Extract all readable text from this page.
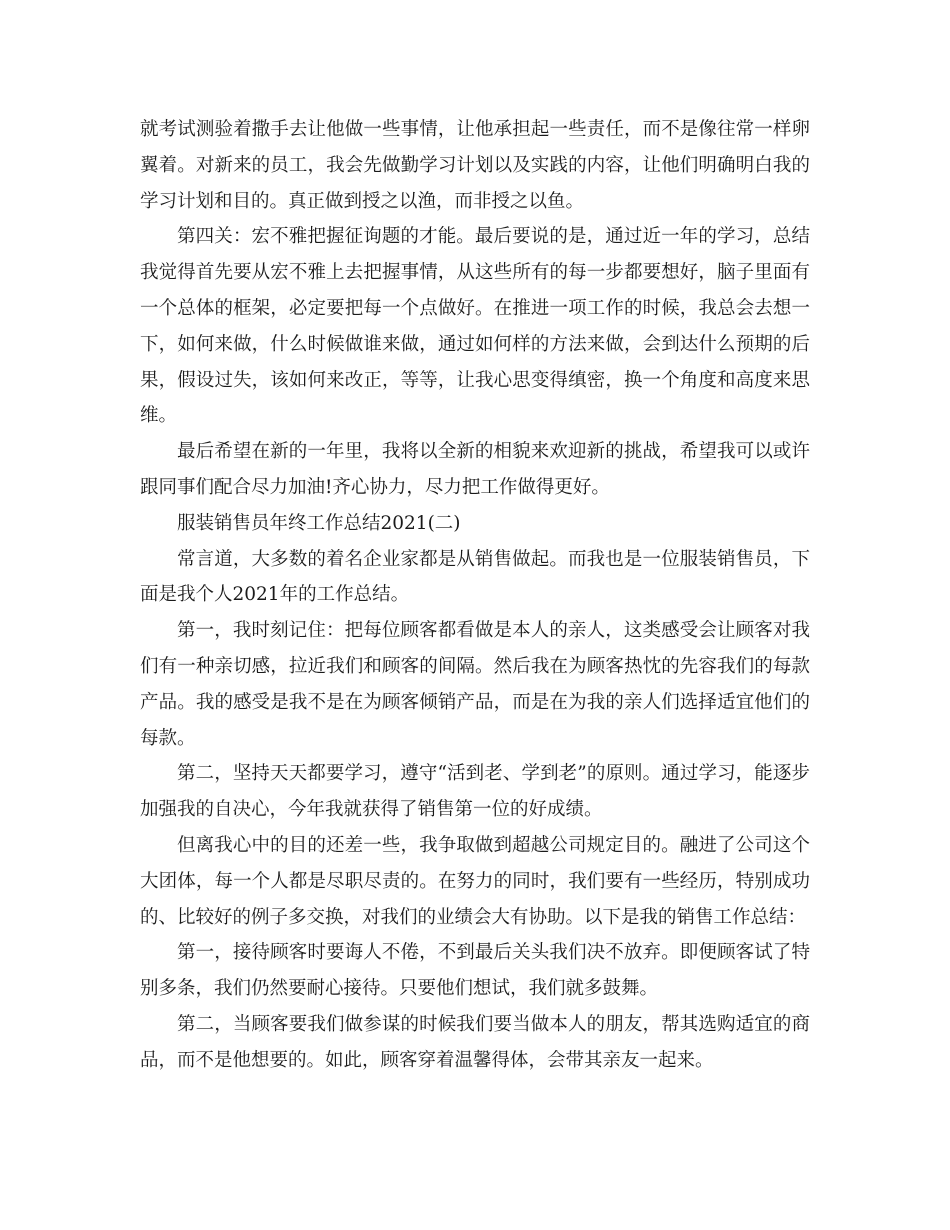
就考试测验着撒手去让他做一些事情，让他承担起一些责任，而不是像往常一样卵翼着。对新来的员工，我会先做勤学习计划以及实践的内容，让他们明确明白我的学习计划和目的。真正做到授之以渔，而非授之以鱼。

第四关：宏不雅把握征询题的才能。最后要说的是，通过近一年的学习，总结我觉得首先要从宏不雅上去把握事情，从这些所有的每一步都要想好，脑子里面有一个总体的框架，必定要把每一个点做好。在推进一项工作的时候，我总会去想一下，如何来做，什么时候做谁来做，通过如何样的方法来做，会到达什么预期的后果，假设过失，该如何来改正，等等，让我心思变得缜密，换一个角度和高度来思维。

最后希望在新的一年里，我将以全新的相貌来欢迎新的挑战，希望我可以或许跟同事们配合尽力加油!齐心协力，尽力把工作做得更好。

服装销售员年终工作总结2021(二)

常言道，大多数的着名企业家都是从销售做起。而我也是一位服装销售员，下面是我个人2021年的工作总结。

第一，我时刻记住：把每位顾客都看做是本人的亲人，这类感受会让顾客对我们有一种亲切感，拉近我们和顾客的间隔。然后我在为顾客热忱的先容我们的每款产品。我的感受是我不是在为顾客倾销产品，而是在为我的亲人们选择适宜他们的每款。

第二，坚持天天都要学习，遵守“活到老、学到老”的原则。通过学习，能逐步加强我的自决心，今年我就获得了销售第一位的好成绩。

但离我心中的目的还差一些，我争取做到超越公司规定目的。融进了公司这个大团体，每一个人都是尽职尽责的。在努力的同时，我们要有一些经历，特别成功的、比较好的例子多交换，对我们的业绩会大有协助。以下是我的销售工作总结：

第一，接待顾客时要诲人不倦，不到最后关头我们决不放弃。即便顾客试了特别多条，我们仍然要耐心接待。只要他们想试，我们就多鼓舞。

第二，当顾客要我们做参谋的时候我们要当做本人的朋友，帮其选购适宜的商品，而不是他想要的。如此，顾客穿着温馨得体，会带其亲友一起来。
